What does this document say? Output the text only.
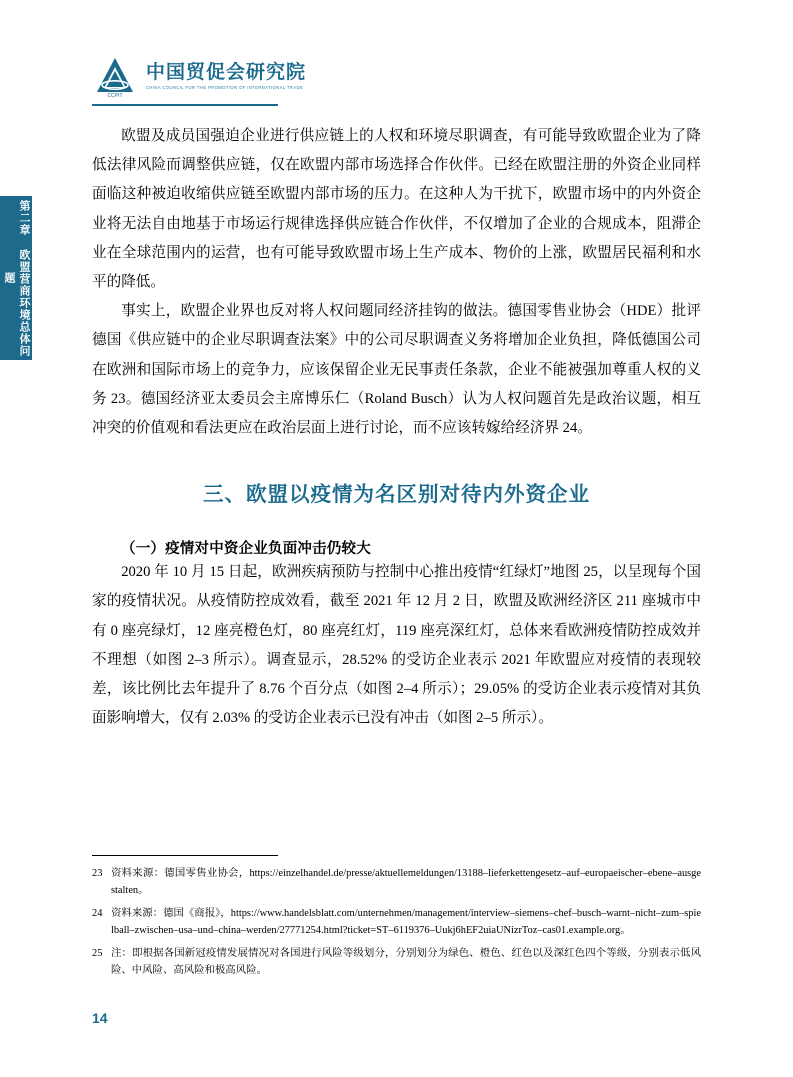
第二章 欧盟营商环境总体问题
CCPIT
中国贸促会研究院
CHINA COUNCIL FOR THE PROMOTION OF INTERNATIONAL TRADE

欧盟及成员国强迫企业进行供应链上的人权和环境尽职调查，有可能导致欧盟企业为了降低法律风险而调整供应链，仅在欧盟内部市场选择合作伙伴。已经在欧盟注册的外资企业同样面临这种被迫收缩供应链至欧盟内部市场的压力。在这种人为干扰下，欧盟市场中的内外资企业将无法自由地基于市场运行规律选择供应链合作伙伴，不仅增加了企业的合规成本，阻滞企业在全球范围内的运营，也有可能导致欧盟市场上生产成本、物价的上涨，欧盟居民福利和水平的降低。

事实上，欧盟企业界也反对将人权问题同经济挂钩的做法。德国零售业协会（HDE）批评德国《供应链中的企业尽职调查法案》中的公司尽职调查义务将增加企业负担，降低德国公司在欧洲和国际市场上的竞争力，应该保留企业无民事责任条款，企业不能被强加尊重人权的义务 23。德国经济亚太委员会主席博乐仁（Roland Busch）认为人权问题首先是政治议题，相互冲突的价值观和看法更应在政治层面上进行讨论，而不应该转嫁给经济界 24。

三、欧盟以疫情为名区别对待内外资企业
（一）疫情对中资企业负面冲击仍较大

2020 年 10 月 15 日起，欧洲疾病预防与控制中心推出疫情“红绿灯”地图 25，以呈现每个国家的疫情状况。从疫情防控成效看，截至 2021 年 12 月 2 日，欧盟及欧洲经济区 211 座城市中有 0 座亮绿灯，12 座亮橙色灯，80 座亮红灯，119 座亮深红灯，总体来看欧洲疫情防控成效并不理想（如图 2–3 所示）。调查显示，28.52% 的受访企业表示 2021 年欧盟应对疫情的表现较差，该比例比去年提升了 8.76 个百分点（如图 2–4 所示）；29.05% 的受访企业表示疫情对其负面影响增大，仅有 2.03% 的受访企业表示已没有冲击（如图 2–5 所示）。

23 资料来源：德国零售业协会，https://einzelhandel.de/presse/aktuellemeldungen/13188–lieferkettengesetz–auf–europaeischer–ebene–ausgestalten。
24 资料来源：德国《商报》，https://www.handelsblatt.com/unternehmen/management/interview–siemens–chef–busch–warnt–nicht–zum–spielball–zwischen–usa–und–china–werden/27771254.html?ticket=ST–6119376–Uukj6hEF2uiaUNizrToz–cas01.example.org。
25 注：即根据各国新冠疫情发展情况对各国进行风险等级划分，分别划分为绿色、橙色、红色以及深红色四个等级，分别表示低风险、中风险、高风险和极高风险。
14
